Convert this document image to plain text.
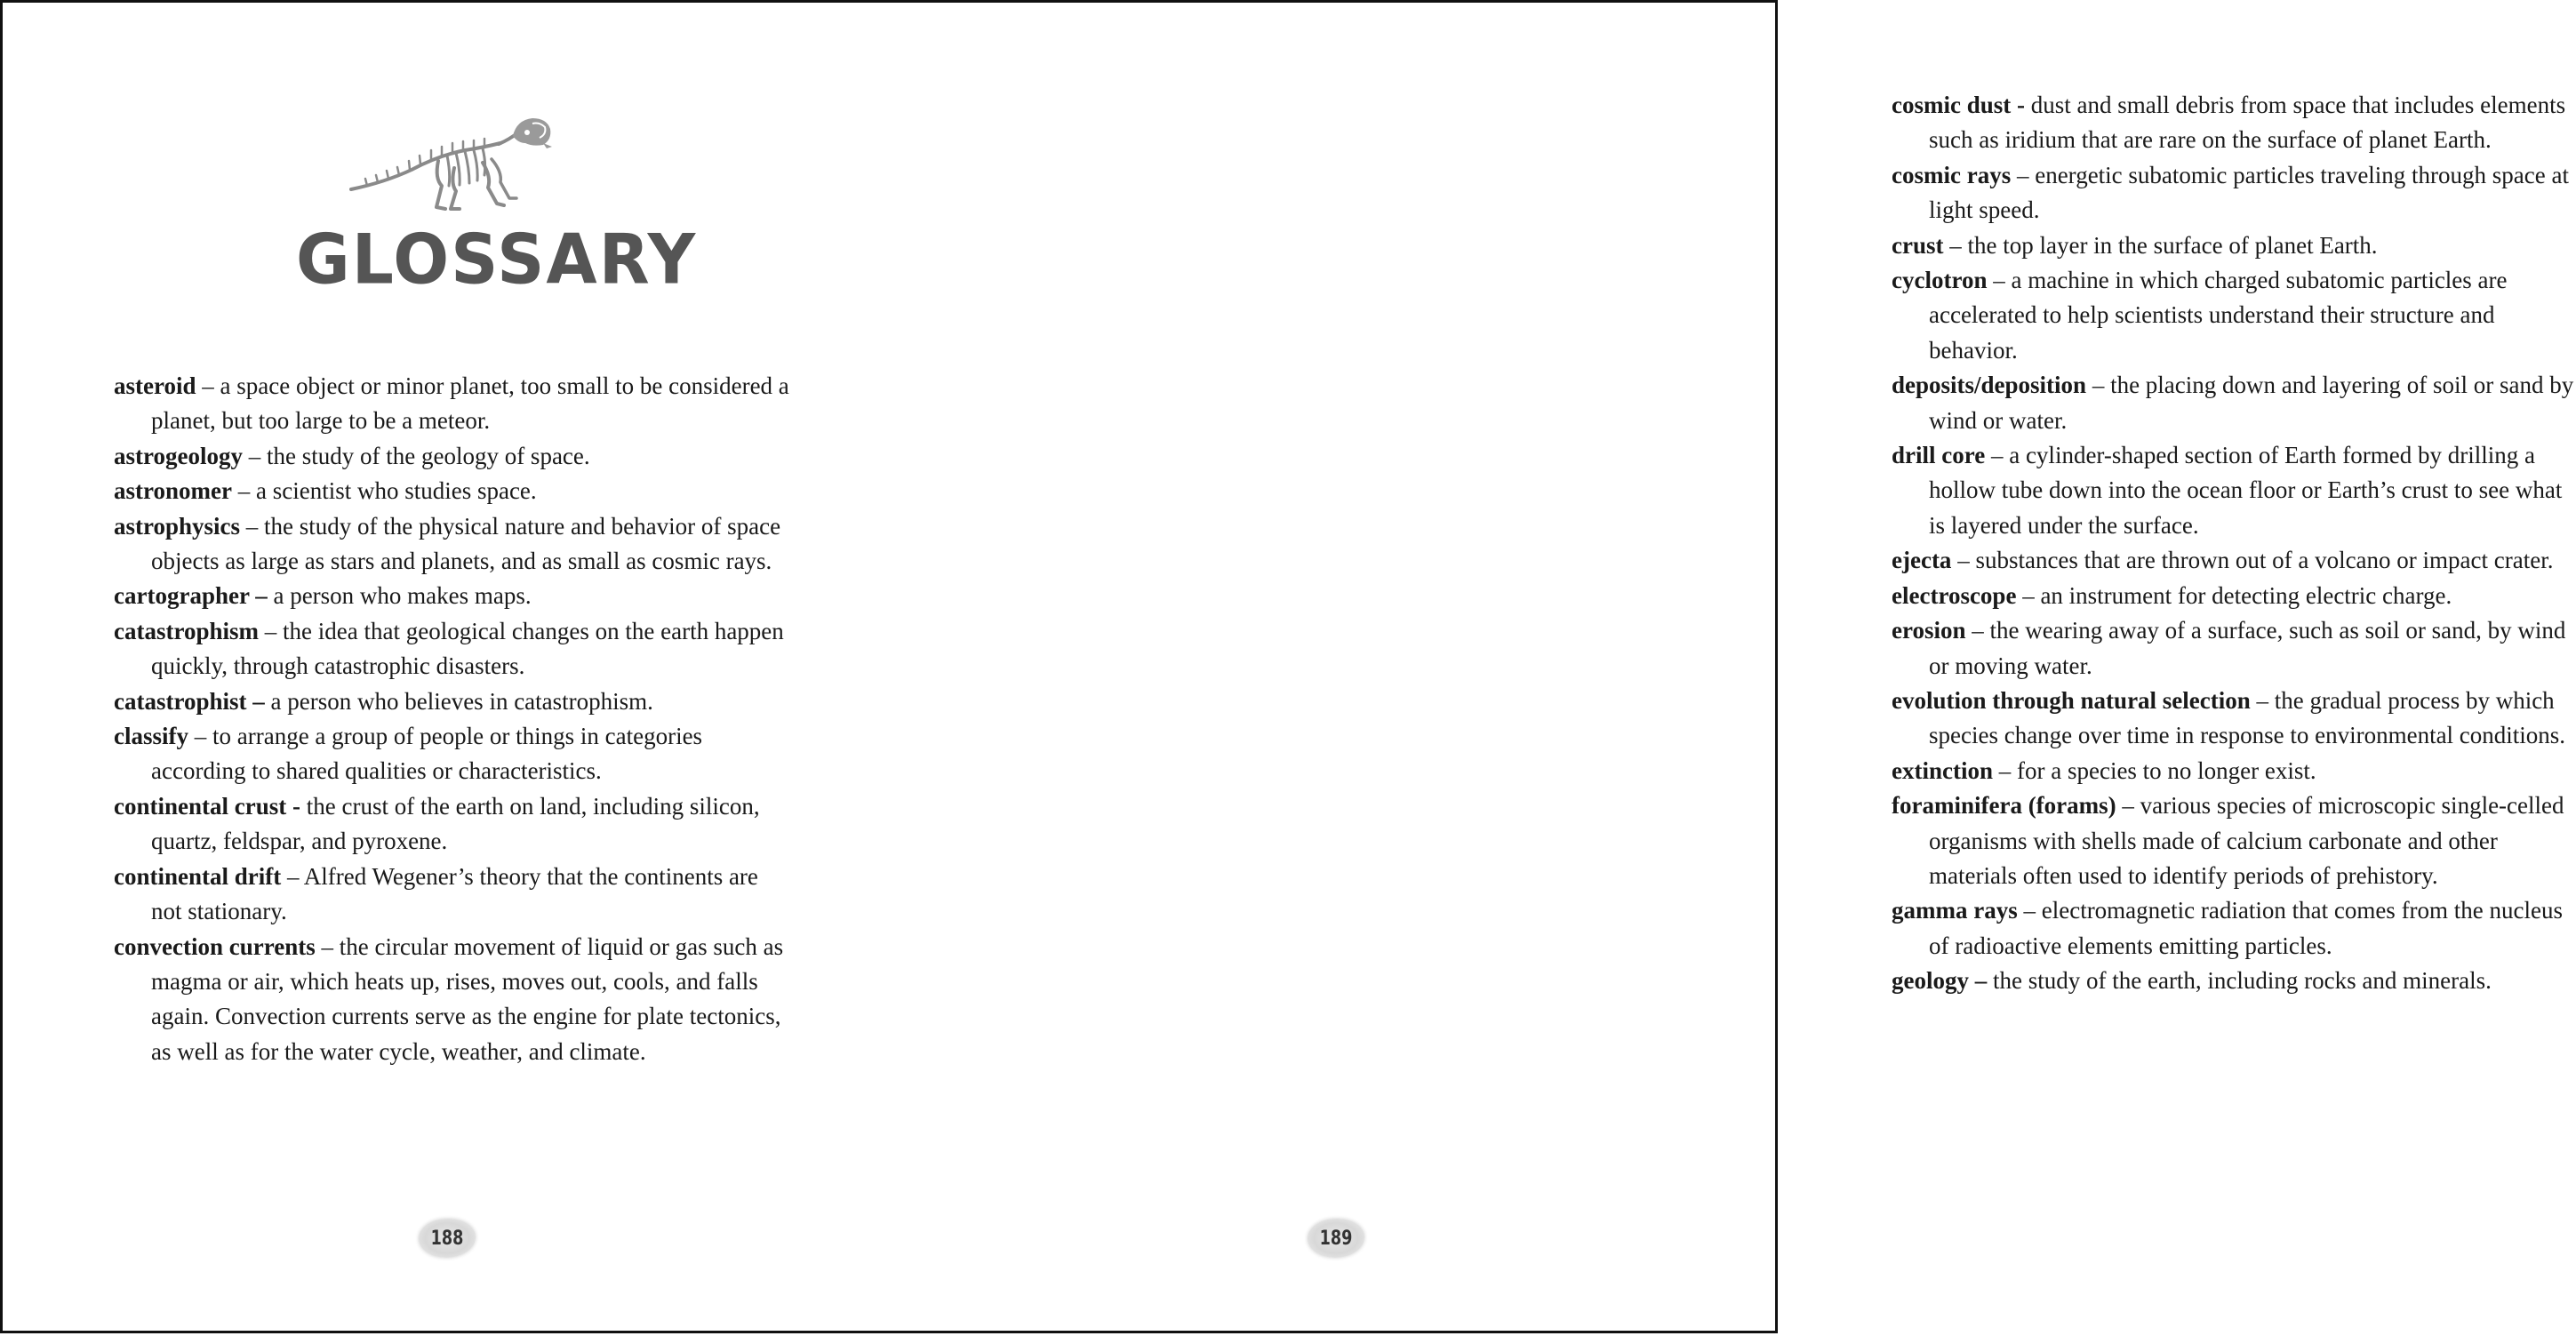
GLOSSARY

asteroid – a space object or minor planet, too small to be considered a planet, but too large to be a meteor.

astrogeology – the study of the geology of space.

astronomer – a scientist who studies space.

astrophysics – the study of the physical nature and behavior of space objects as large as stars and planets, and as small as cosmic rays.

cartographer – a person who makes maps.

catastrophism – the idea that geological changes on the earth happen quickly, through catastrophic disasters.

catastrophist – a person who believes in catastrophism.

classify – to arrange a group of people or things in categories according to shared qualities or characteristics.

continental crust - the crust of the earth on land, including silicon, quartz, feldspar, and pyroxene.

continental drift – Alfred Wegener’s theory that the continents are not stationary.

convection currents – the circular movement of liquid or gas such as magma or air, which heats up, rises, moves out, cools, and falls again. Convection currents serve as the engine for plate tectonics, as well as for the water cycle, weather, and climate.

188

cosmic dust - dust and small debris from space that includes elements such as iridium that are rare on the surface of planet Earth.

cosmic rays – energetic subatomic particles traveling through space at light speed.

crust – the top layer in the surface of planet Earth.

cyclotron – a machine in which charged subatomic particles are accelerated to help scientists understand their structure and behavior.

deposits/deposition – the placing down and layering of soil or sand by wind or water.

drill core – a cylinder-shaped section of Earth formed by drilling a hollow tube down into the ocean floor or Earth’s crust to see what is layered under the surface.

ejecta – substances that are thrown out of a volcano or impact crater.

electroscope – an instrument for detecting electric charge.

erosion – the wearing away of a surface, such as soil or sand, by wind or moving water.

evolution through natural selection – the gradual process by which species change over time in response to environmental conditions.

extinction – for a species to no longer exist.

foraminifera (forams) – various species of microscopic single-celled organisms with shells made of calcium carbonate and other materials often used to identify periods of prehistory.

gamma rays – electromagnetic radiation that comes from the nucleus of radioactive elements emitting particles.

geology – the study of the earth, including rocks and minerals.

189
